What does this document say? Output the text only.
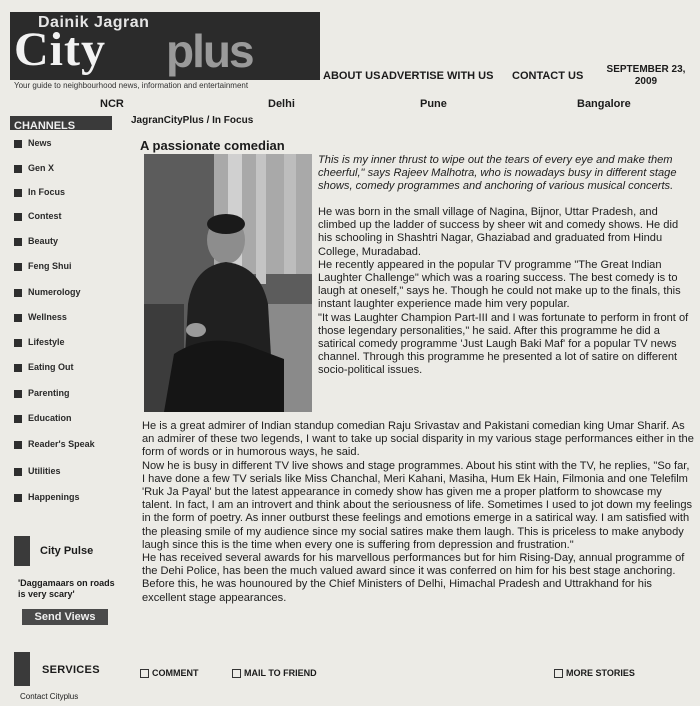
Dainik Jagran
City plus
Your guide to neighbourhood news, information and entertainment
ABOUT US ADVERTISE WITH US CONTACT US
SEPTEMBER 23, 2009
NCR	Delhi	Pune	Bangalore
CHANNELS	JagranCityPlus / In Focus
News
Gen X
In Focus
Contest
Beauty
Feng Shui
Numerology
Wellness
Lifestyle
Eating Out
Parenting
Education
Reader's Speak
Utilities
Happenings
City Pulse
'Daggamaars on roads is very scary'
Send Views
SERVICES
Contact Cityplus
A passionate comedian
This is my inner thrust to wipe out the tears of every eye and make them cheerful," says Rajeev Malhotra, who is nowadays busy in different stage shows, comedy programmes and anchoring of various musical concerts.

He was born in the small village of Nagina, Bijnor, Uttar Pradesh, and climbed up the ladder of success by sheer wit and comedy shows. He did his schooling in Shashtri Nagar, Ghaziabad and graduated from Hindu College, Muradabad.

He recently appeared in the popular TV programme "The Great Indian Laughter Challenge" which was a roaring success. The best comedy is to laugh at oneself," says he. Though he could not make up to the finals, this instant laughter experience made him very popular.

"It was Laughter Champion Part-III and I was fortunate to perform in front of those legendary personalities," he said. After this programme he did a satirical comedy programme 'Just Laugh Baki Maf' for a popular TV news channel. Through this programme he presented a lot of satire on different socio-political issues.

He is a great admirer of Indian standup comedian Raju Srivastav and Pakistani comedian king Umar Sharif. As an admirer of these two legends, I want to take up social disparity in my various stage performances either in the form of words or in humorous ways, he said.

Now he is busy in different TV live shows and stage programmes. About his stint with the TV, he replies, "So far, I have done a few TV serials like Miss Chanchal, Meri Kahani, Masiha, Hum Ek Hain, Filmonia and one Telefilm 'Ruk Ja Payal' but the latest appearance in comedy show has given me a proper platform to showcase my talent. In fact, I am an introvert and think about the seriousness of life. Sometimes I used to jot down my feelings in the form of poetry. As inner outburst these feelings and emotions emerge in a satirical way. I am satisfied with the pleasing smile of my audience since my social satires make them laugh. This is priceless to make anybody laugh since this is the time when every one is suffering from depression and frustration."

He has received several awards for his marvellous performances but for him Rising-Day, annual programme of the Dehi Police, has been the much valued award since it was conferred on him for his best stage anchoring. Before this, he was hounoured by the Chief Ministers of Delhi, Himachal Pradesh and Uttrakhand for his excellent stage appearances.

COMMENT	MAIL TO FRIEND	MORE STORIES
